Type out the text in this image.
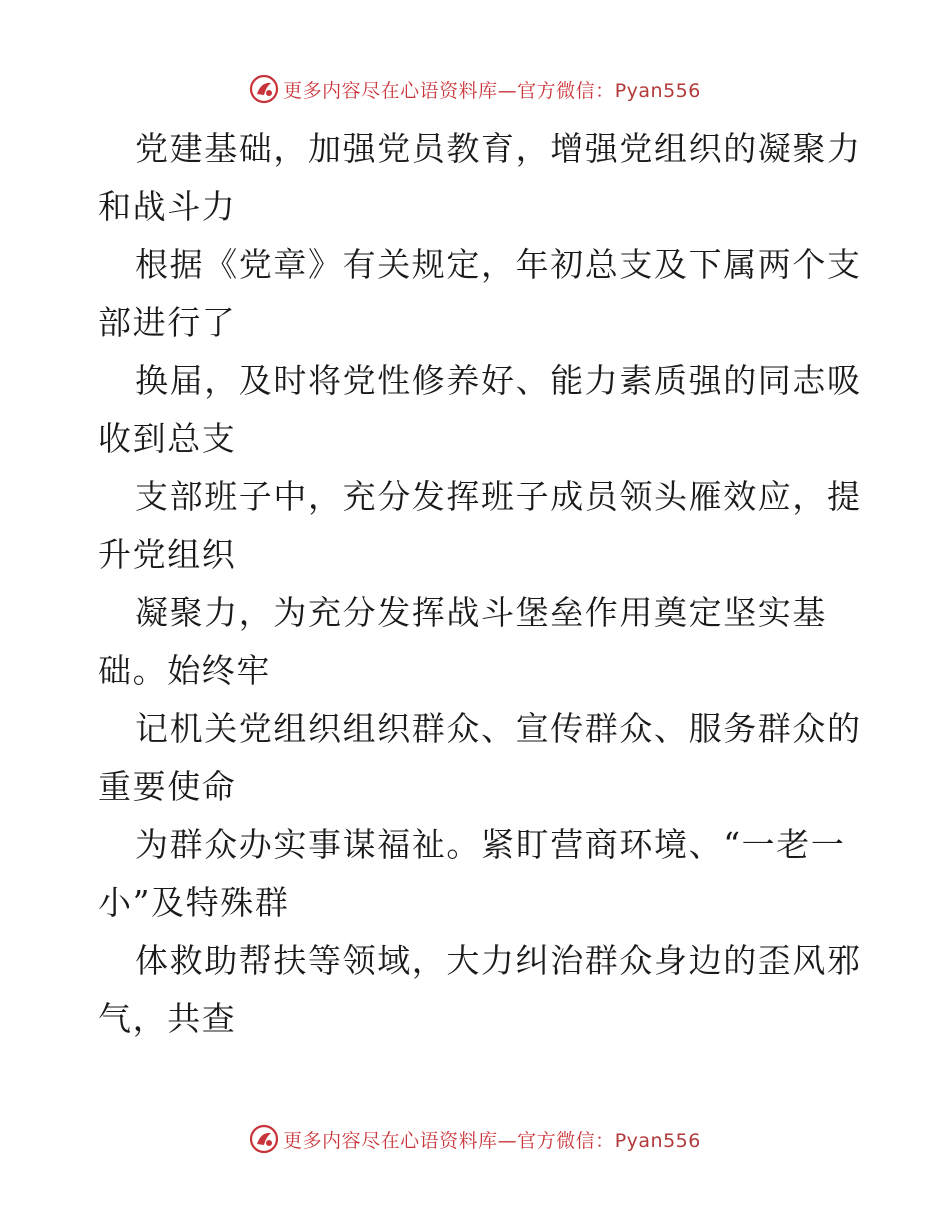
更多内容尽在心语资料库—官方微信：Pyan556

党建基础，加强党员教育，增强党组织的凝聚力

和战斗力

根据《党章》有关规定，年初总支及下属两个支

部进行了

换届，及时将党性修养好、能力素质强的同志吸

收到总支

支部班子中，充分发挥班子成员领头雁效应，提

升党组织

凝聚力，为充分发挥战斗堡垒作用奠定坚实基

础。始终牢

记机关党组织组织群众、宣传群众、服务群众的

重要使命

为群众办实事谋福祉。紧盯营商环境、“一老一

小”及特殊群

体救助帮扶等领域，大力纠治群众身边的歪风邪

气，共查

更多内容尽在心语资料库—官方微信：Pyan556
